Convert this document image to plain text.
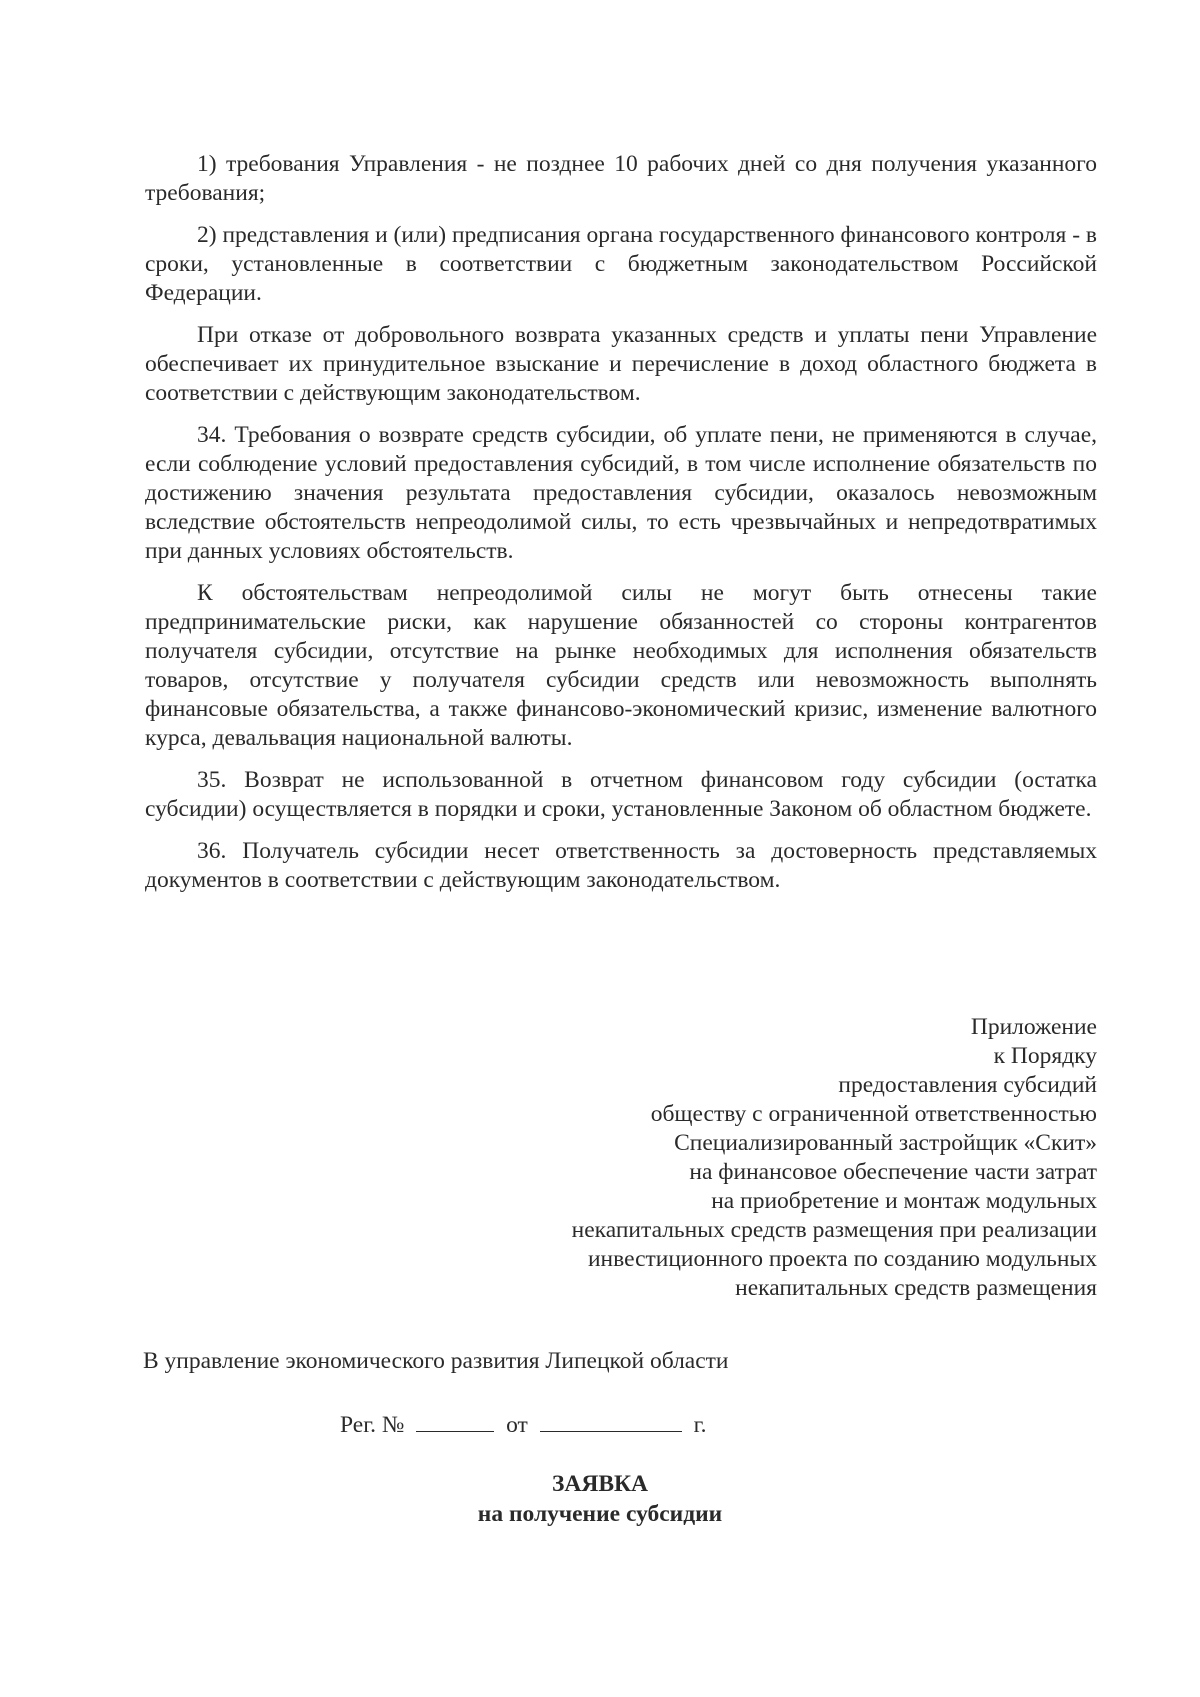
1) требования Управления - не позднее 10 рабочих дней со дня получения указанного требования;

2) представления и (или) предписания органа государственного финансового контроля - в сроки, установленные в соответствии с бюджетным законодательством Российской Федерации.

При отказе от добровольного возврата указанных средств и уплаты пени Управление обеспечивает их принудительное взыскание и перечисление в доход областного бюджета в соответствии с действующим законодательством.

34. Требования о возврате средств субсидии, об уплате пени, не применяются в случае, если соблюдение условий предоставления субсидий, в том числе исполнение обязательств по достижению значения результата предоставления субсидии, оказалось невозможным вследствие обстоятельств непреодолимой силы, то есть чрезвычайных и непредотвратимых при данных условиях обстоятельств.

К обстоятельствам непреодолимой силы не могут быть отнесены такие предпринимательские риски, как нарушение обязанностей со стороны контрагентов получателя субсидии, отсутствие на рынке необходимых для исполнения обязательств товаров, отсутствие у получателя субсидии средств или невозможность выполнять финансовые обязательства, а также финансово-экономический кризис, изменение валютного курса, девальвация национальной валюты.

35. Возврат не использованной в отчетном финансовом году субсидии (остатка субсидии) осуществляется в порядки и сроки, установленные Законом об областном бюджете.

36. Получатель субсидии несет ответственность за достоверность представляемых документов в соответствии с действующим законодательством.

Приложение
к Порядку
предоставления субсидий
обществу с ограниченной ответственностью
Специализированный застройщик «Скит»
на финансовое обеспечение части затрат
на приобретение и монтаж модульных
некапитальных средств размещения при реализации
инвестиционного проекта по созданию модульных
некапитальных средств размещения
В управление экономического развития Липецкой области
Рег. №	от	г.
ЗАЯВКА
на получение субсидии
